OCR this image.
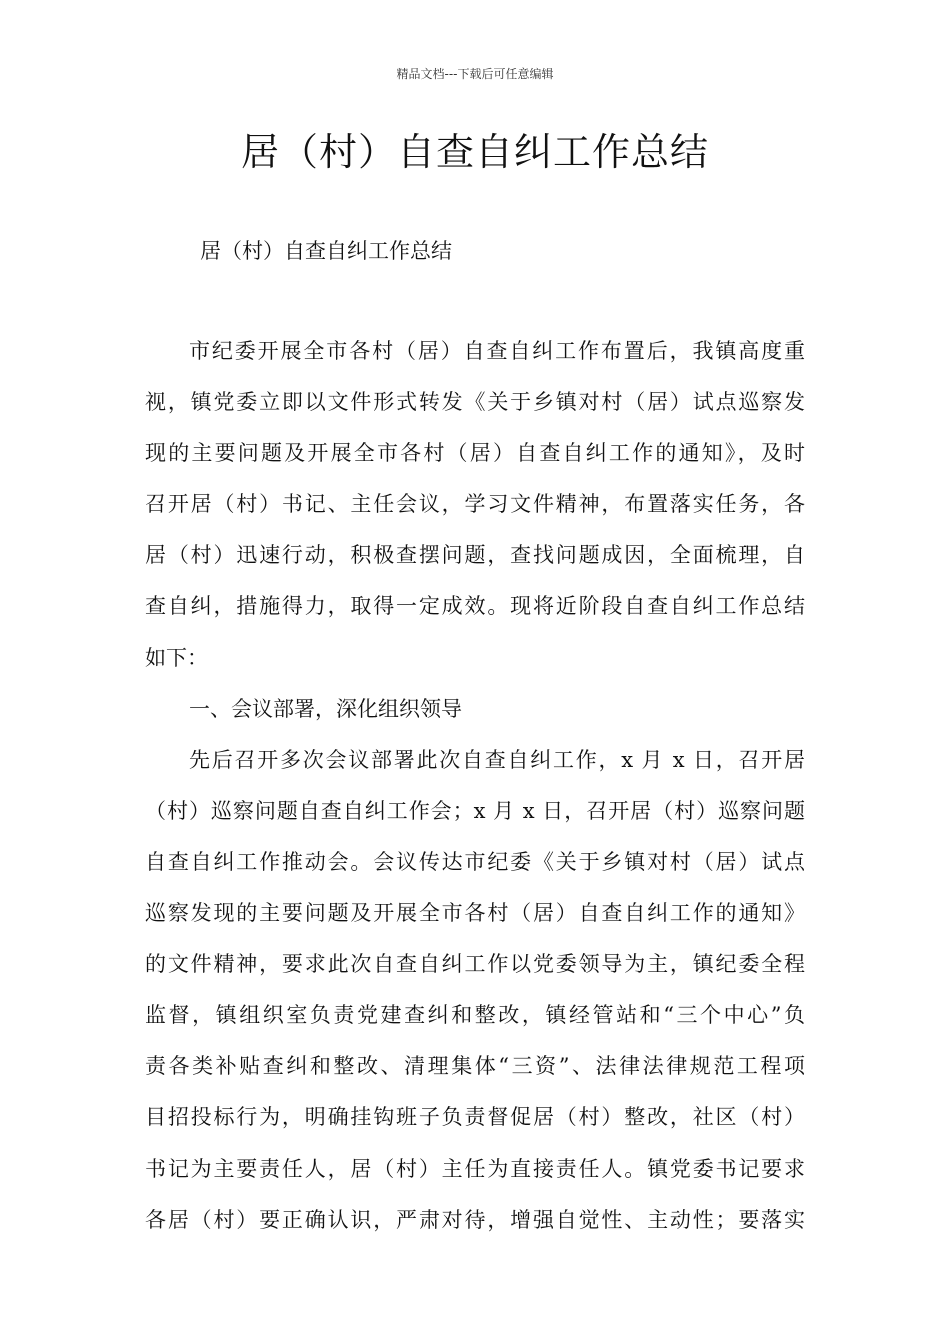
精品文档---下载后可任意编辑
居（村）自查自纠工作总结
居（村）自查自纠工作总结
市纪委开展全市各村（居）自查自纠工作布置后，我镇高度重
视，镇党委立即以文件形式转发《关于乡镇对村（居）试点巡察发
现的主要问题及开展全市各村（居）自查自纠工作的通知》，及时
召开居（村）书记、主任会议，学习文件精神，布置落实任务，各
居（村）迅速行动，积极查摆问题，查找问题成因，全面梳理，自
查自纠，措施得力，取得一定成效。现将近阶段自查自纠工作总结
如下：
一、会议部署，深化组织领导
先后召开多次会议部署此次自查自纠工作，x 月 x 日，召开居
（村）巡察问题自查自纠工作会；x 月 x 日，召开居（村）巡察问题
自查自纠工作推动会。会议传达市纪委《关于乡镇对村（居）试点
巡察发现的主要问题及开展全市各村（居）自查自纠工作的通知》
的文件精神，要求此次自查自纠工作以党委领导为主，镇纪委全程
监督，镇组织室负责党建查纠和整改，镇经管站和“三个中心”负
责各类补贴查纠和整改、清理集体“三资”、法律法律规范工程项
目招投标行为，明确挂钩班子负责督促居（村）整改，社区（村）
书记为主要责任人，居（村）主任为直接责任人。镇党委书记要求
各居（村）要正确认识，严肃对待，增强自觉性、主动性；要落实
